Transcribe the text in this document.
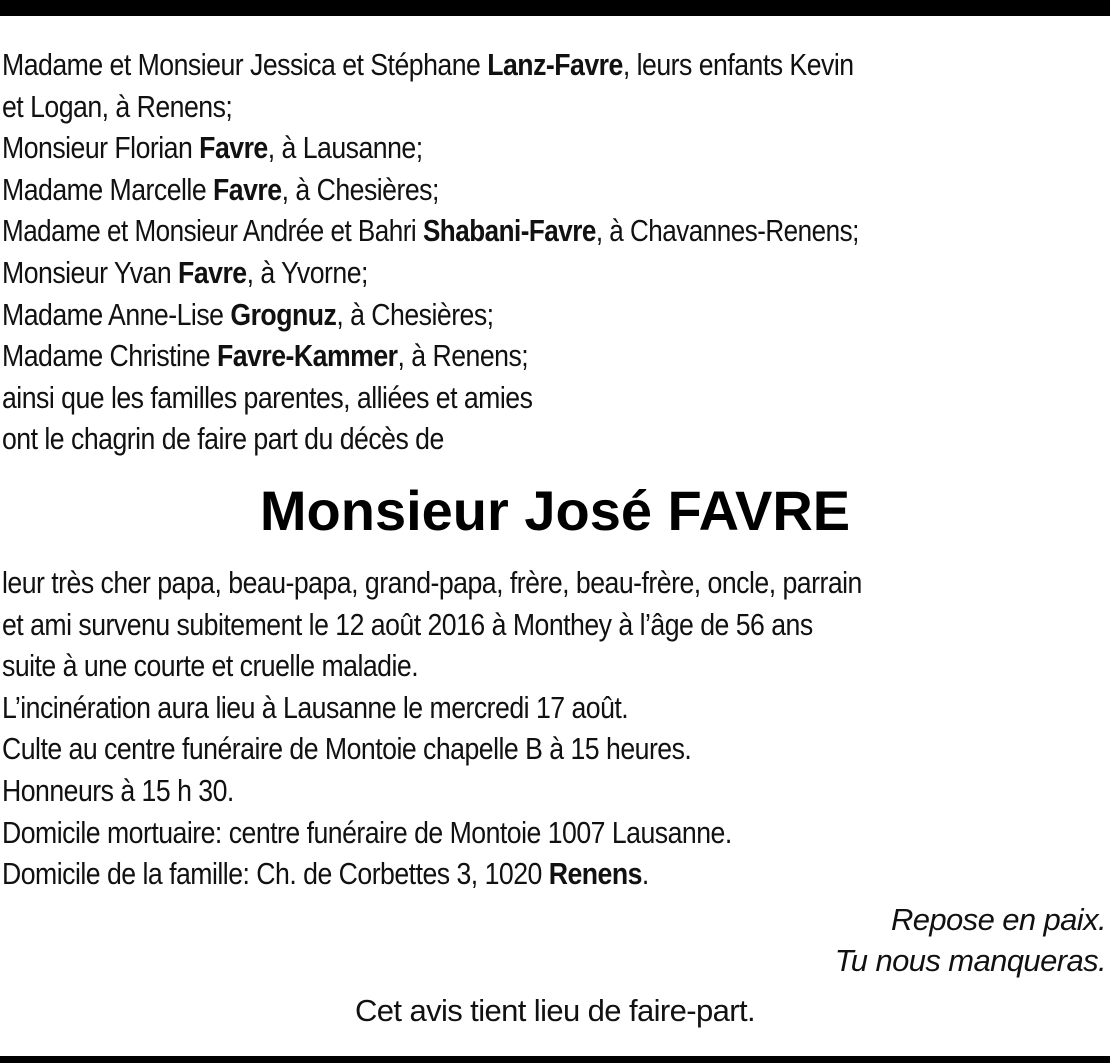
Madame et Monsieur Jessica et Stéphane Lanz-Favre, leurs enfants Kevin
et Logan, à Renens;
Monsieur Florian Favre, à Lausanne;
Madame Marcelle Favre, à Chesières;
Madame et Monsieur Andrée et Bahri Shabani-Favre, à Chavannes-Renens;
Monsieur Yvan Favre, à Yvorne;
Madame Anne-Lise Grognuz, à Chesières;
Madame Christine Favre-Kammer, à Renens;
ainsi que les familles parentes, alliées et amies
ont le chagrin de faire part du décès de
Monsieur José FAVRE
leur très cher papa, beau-papa, grand-papa, frère, beau-frère, oncle, parrain
et ami survenu subitement le 12 août 2016 à Monthey à l’âge de 56 ans
suite à une courte et cruelle maladie.
L’incinération aura lieu à Lausanne le mercredi 17 août.
Culte au centre funéraire de Montoie chapelle B à 15 heures.
Honneurs à 15 h 30.
Domicile mortuaire: centre funéraire de Montoie 1007 Lausanne.
Domicile de la famille: Ch. de Corbettes 3, 1020 Renens.
Repose en paix.
Tu nous manqueras.
Cet avis tient lieu de faire-part.
